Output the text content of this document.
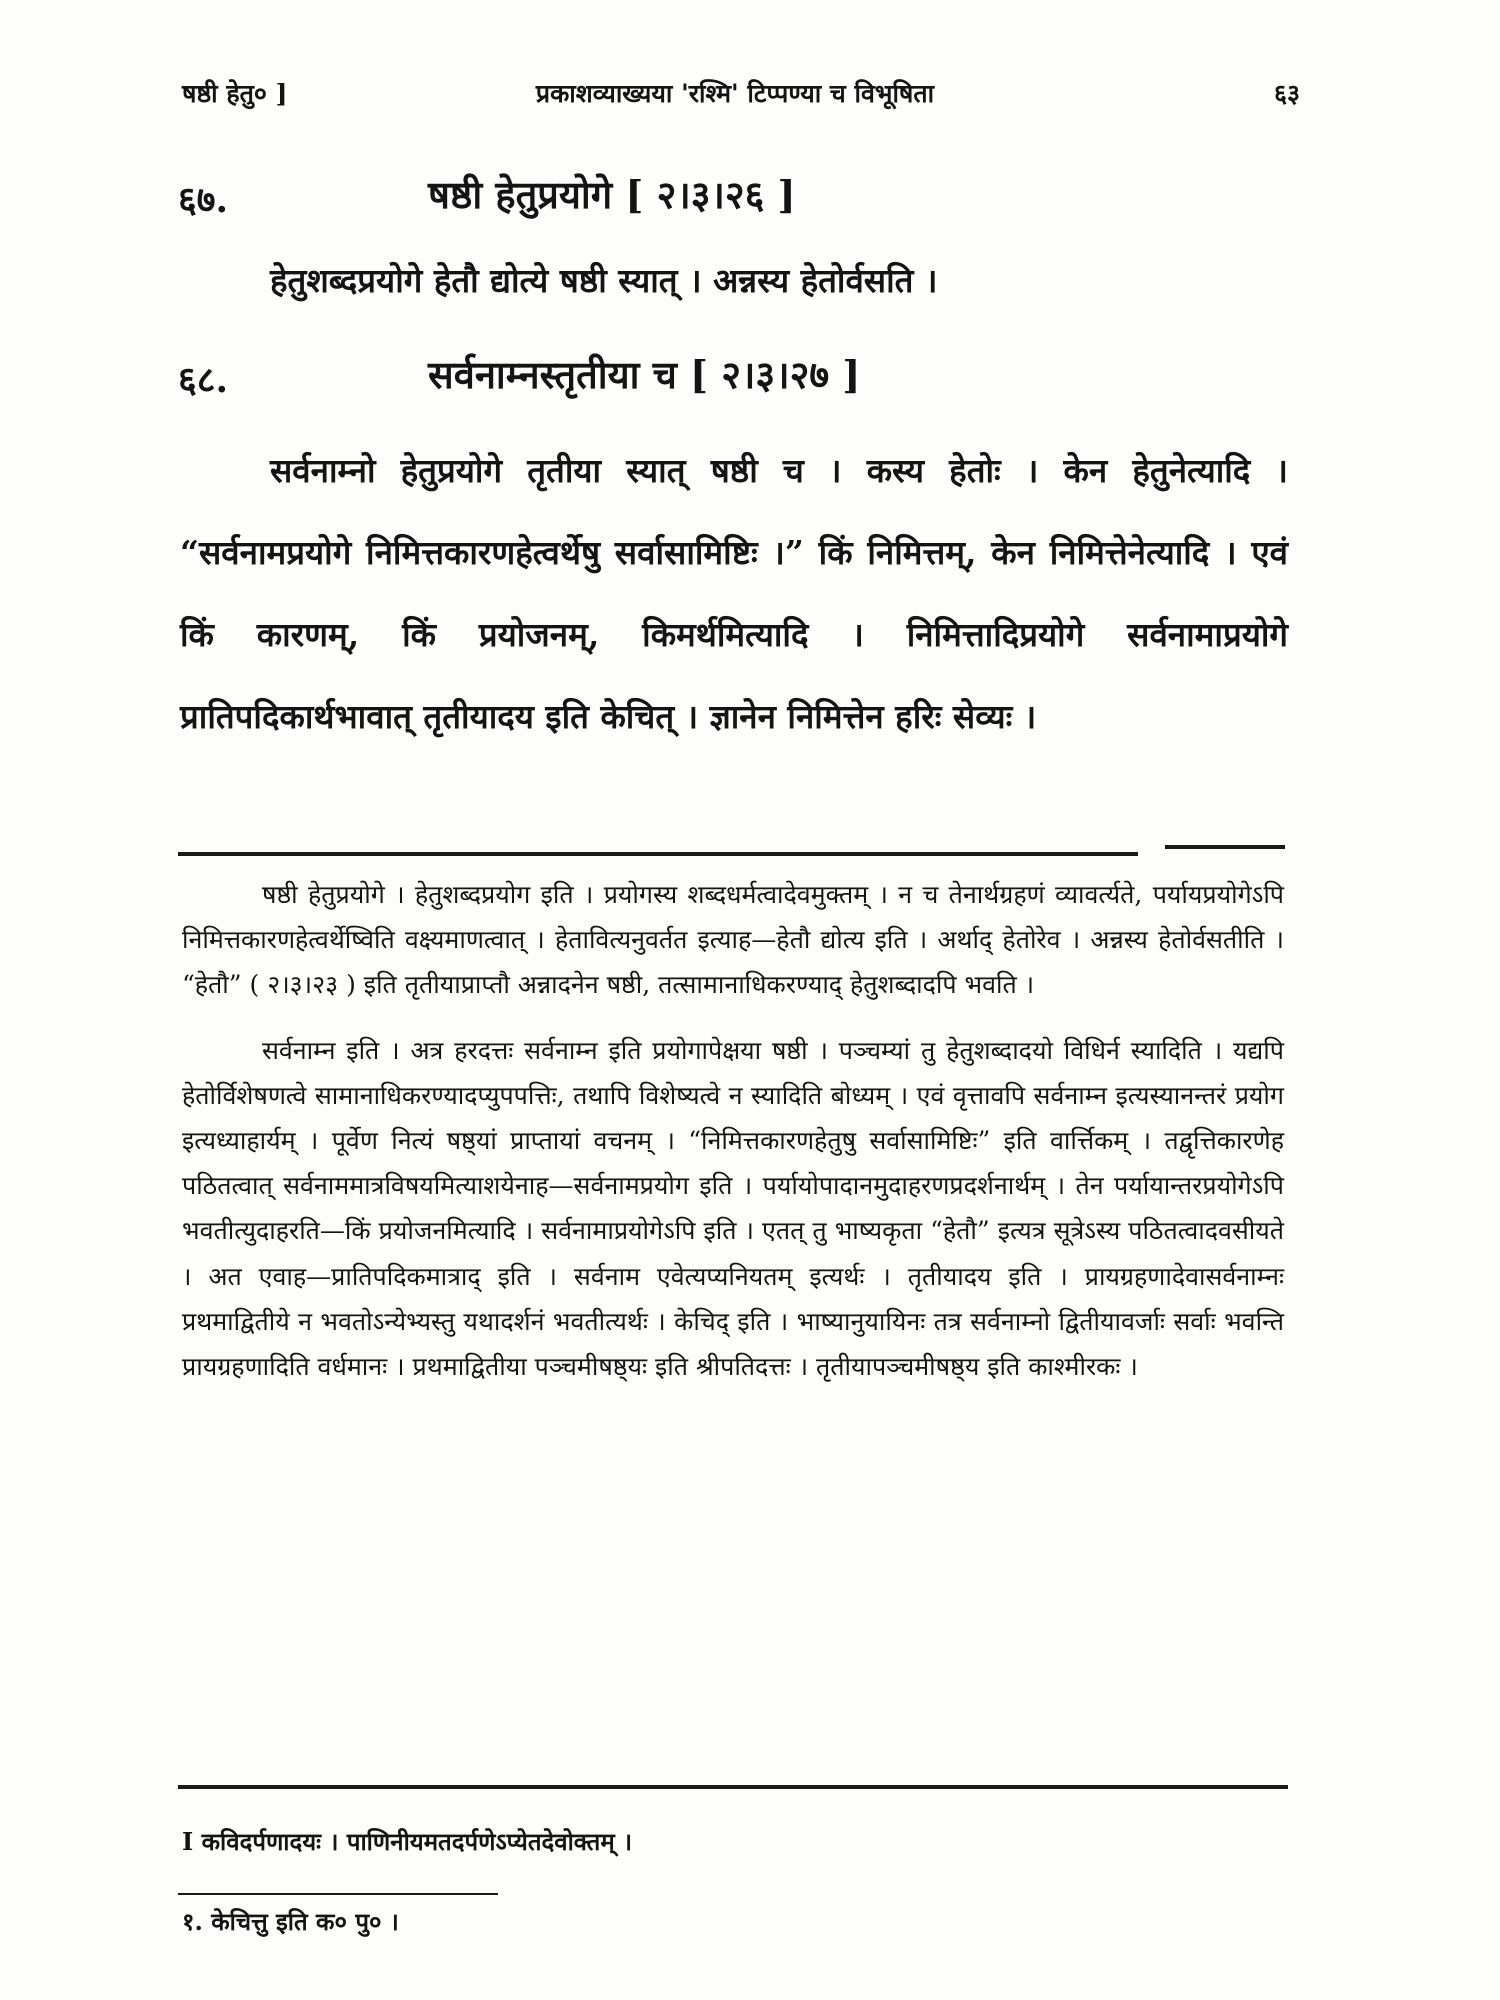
षष्ठी हेतु० ]	प्रकाशव्याख्यया 'रश्मि' टिप्पण्या च विभूषिता	६३
६७.	षष्ठी हेतुप्रयोगे [ २।३।२६ ]

हेतुशब्दप्रयोगे हेतौ द्योत्ये षष्ठी स्यात् । अन्नस्य हेतोर्वसति ।

६८.	सर्वनाम्नस्तृतीया च [ २।३।२७ ]

सर्वनाम्नो हेतुप्रयोगे तृतीया स्यात् षष्ठी च । कस्य हेतोः । केन हेतुनेत्यादि । “सर्वनामप्रयोगे निमित्तकारणहेत्वर्थेषु सर्वासामिष्टिः ।” किं निमित्तम्, केन निमित्तेनेत्यादि । एवं किं कारणम्, किं प्रयोजनम्, किमर्थमित्यादि । निमित्तादिप्रयोगे सर्वनामाप्रयोगे प्रातिपदिकार्थभावात् तृतीयादय इति केचित् । ज्ञानेन निमित्तेन हरिः सेव्यः ।

षष्ठी हेतुप्रयोगे । हेतुशब्दप्रयोग इति । प्रयोगस्य शब्दधर्मत्वादेवमुक्तम् । न च तेनार्थग्रहणं व्यावर्त्यते, पर्यायप्रयोगेऽपि निमित्तकारणहेत्वर्थेष्विति वक्ष्यमाणत्वात् । हेतावित्यनुवर्तत इत्याह—हेतौ द्योत्य इति । अर्थाद् हेतोरेव । अन्नस्य हेतोर्वसतीति । “हेतौ” ( २।३।२३ ) इति तृतीयाप्राप्तौ अन्नादनेन षष्ठी, तत्सामानाधिकरण्याद् हेतुशब्दादपि भवति ।

सर्वनाम्न इति । अत्र हरदत्तः सर्वनाम्न इति प्रयोगापेक्षया षष्ठी । पञ्चम्यां तु हेतुशब्दादयो विधिर्न स्यादिति । यद्यपि हेतोर्विशेषणत्वे सामानाधिकरण्यादप्युपपत्तिः, तथापि विशेष्यत्वे न स्यादिति बोध्यम् । एवं वृत्तावपि सर्वनाम्न इत्यस्यानन्तरं प्रयोग इत्यध्याहार्यम् । पूर्वेण नित्यं षष्ठ्यां प्राप्तायां वचनम् । “निमित्तकारणहेतुषु सर्वासामिष्टिः” इति वार्त्तिकम् । तद्वृत्तिकारणेह पठितत्वात् सर्वनाममात्रविषयमित्याशयेनाह—सर्वनामप्रयोग इति । पर्यायोपादानमुदाहरणप्रदर्शनार्थम् । तेन पर्यायान्तरप्रयोगेऽपि भवतीत्युदाहरति—किं प्रयोजनमित्यादि । सर्वनामाप्रयोगेऽपि इति । एतत् तु भाष्यकृता “हेतौ” इत्यत्र सूत्रेऽस्य पठितत्वादवसीयते । अत एवाह—प्रातिपदिकमात्राद् इति । सर्वनाम एवेत्यप्यनियतम् इत्यर्थः । तृतीयादय इति । प्रायग्रहणादेवासर्वनाम्नः प्रथमाद्वितीये न भवतोऽन्येभ्यस्तु यथादर्शनं भवतीत्यर्थः । केचिद् इति । भाष्यानुयायिनः तत्र सर्वनाम्नो द्वितीयावर्जाः सर्वाः भवन्ति प्रायग्रहणादिति वर्धमानः । प्रथमाद्वितीया पञ्चमीषष्ठ्यः इति श्रीपतिदत्तः । तृतीयापञ्चमीषष्ठ्य इति काश्मीरकः ।

I कविदर्पणादयः । पाणिनीयमतदर्पणेऽप्येतदेवोक्तम् ।

१. केचित्तु इति क० पु० ।
